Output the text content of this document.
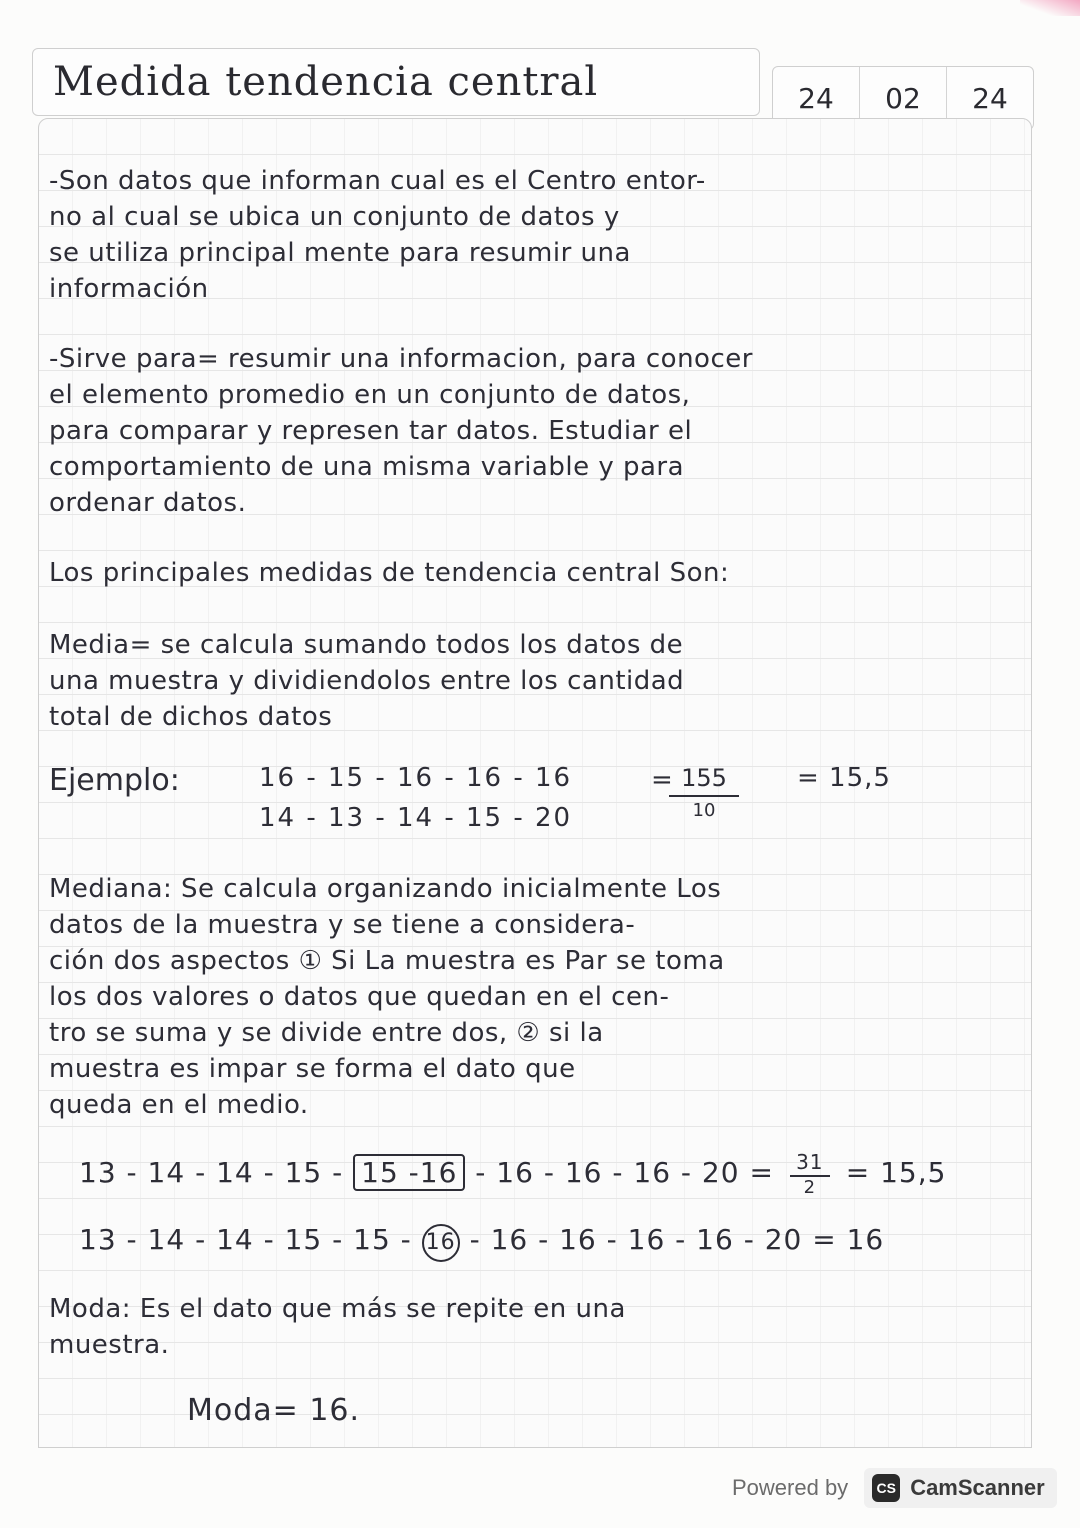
Medida tendencia central	24	02	24
-Son datos que informan cual es el Centro entor-
no al cual se ubica un conjunto de datos y
se utiliza principal mente para resumir una
información
-Sirve para= resumir una informacion, para conocer
el elemento promedio en un conjunto de datos,
para comparar y represen tar datos. Estudiar el
comportamiento de una misma variable y para
ordenar datos.
Los principales medidas de tendencia central Son:
Media= se calcula sumando todos los datos de
una muestra y dividiendolos entre los cantidad
total de dichos datos
Ejemplo:	16 - 15 - 16 - 16 - 16
14 - 13 - 14 - 15 - 20
= 155
10
= 15,5
Mediana: Se calcula organizando inicialmente Los
datos de la muestra y se tiene a considera-
ción dos aspectos ① Si La muestra es Par se toma
los dos valores o datos que quedan en el cen-
tro se suma y se divide entre dos, ② si la
muestra es impar se forma el dato que
queda en el medio.
13 - 14 - 14 - 15 - 15 $-16 - 16 - 16 - 16 - 20 = \frac{31}{2} = 15,5$
13 - 14 - 14 - 15 - 15 - 16 - 16 - 16 - 16 - 16 - 20 = 16
Moda: Es el dato que más se repite en una
muestra.
Moda= 16.
Powered by	CS CamScanner
